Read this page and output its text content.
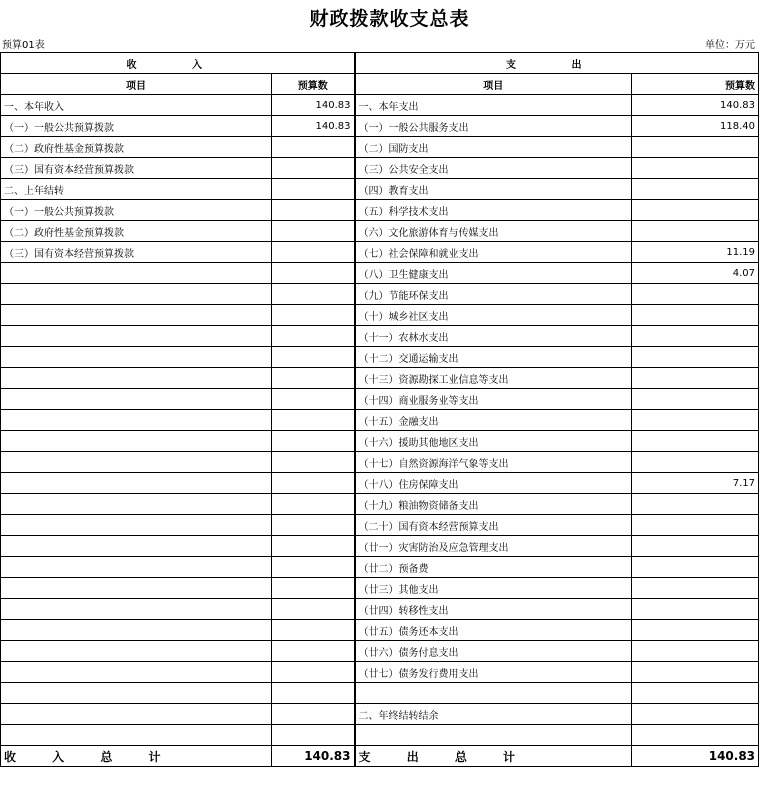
财政拨款收支总表
预算01表	单位：万元
收 入		支 出	
项目	预算数	项目	预算数
一、本年收入	140.83	一、本年支出	140.83
（一）一般公共预算拨款	140.83	（一）一般公共服务支出	118.40
（二）政府性基金预算拨款		（二）国防支出	
（三）国有资本经营预算拨款		（三）公共安全支出	
二、上年结转		（四）教育支出	
（一）一般公共预算拨款		（五）科学技术支出	
（二）政府性基金预算拨款		（六）文化旅游体育与传媒支出	
（三）国有资本经营预算拨款		（七）社会保障和就业支出	11.19
		（八）卫生健康支出	4.07
		（九）节能环保支出	
		（十）城乡社区支出	
		（十一）农林水支出	
		（十二）交通运输支出	
		（十三）资源勘探工业信息等支出	
		（十四）商业服务业等支出	
		（十五）金融支出	
		（十六）援助其他地区支出	
		（十七）自然资源海洋气象等支出	
		（十八）住房保障支出	7.17
		（十九）粮油物资储备支出	
		（二十）国有资本经营预算支出	
		（廿一）灾害防治及应急管理支出	
		（廿二）预备费	
		（廿三）其他支出	
		（廿四）转移性支出	
		（廿五）债务还本支出	
		（廿六）债务付息支出	
		（廿七）债务发行费用支出	

		二、年终结转结余	

收 入 总 计	140.83	支 出 总 计	140.83
